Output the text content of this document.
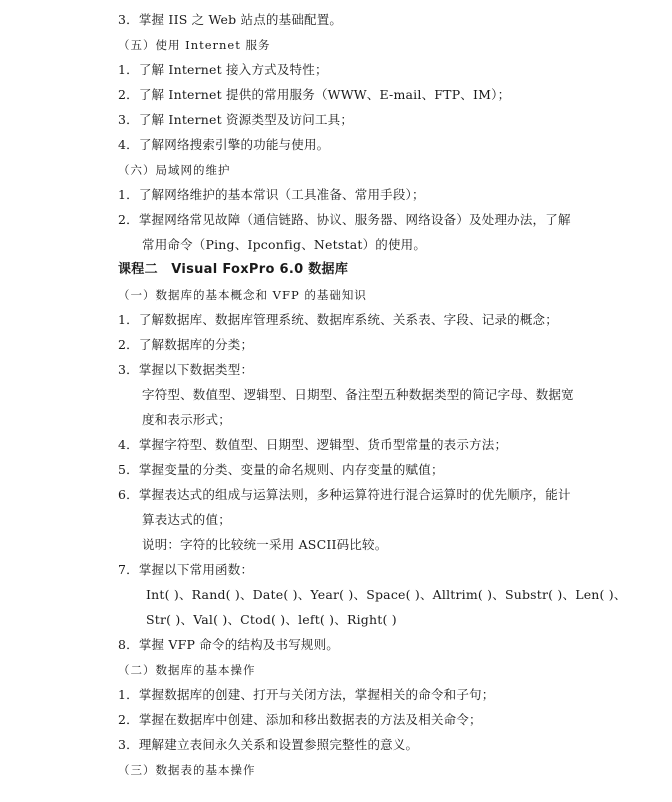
3．掌握 IIS 之 Web 站点的基础配置。
（五）使用 Internet 服务
1．了解 Internet 接入方式及特性；
2．了解 Internet 提供的常用服务（WWW、E-mail、FTP、IM）；
3．了解 Internet 资源类型及访问工具；
4．了解网络搜索引擎的功能与使用。
（六）局域网的维护
1．了解网络维护的基本常识（工具准备、常用手段）；
2．掌握网络常见故障（通信链路、协议、服务器、网络设备）及处理办法，了解
常用命令（Ping、Ipconfig、Netstat）的使用。
课程二　Visual FoxPro 6.0 数据库
（一）数据库的基本概念和 VFP 的基础知识
1．了解数据库、数据库管理系统、数据库系统、关系表、字段、记录的概念；
2．了解数据库的分类；
3．掌握以下数据类型：
字符型、数值型、逻辑型、日期型、备注型五种数据类型的简记字母、数据宽
度和表示形式；
4．掌握字符型、数值型、日期型、逻辑型、货币型常量的表示方法；
5．掌握变量的分类、变量的命名规则、内存变量的赋值；
6．掌握表达式的组成与运算法则，多种运算符进行混合运算时的优先顺序，能计
算表达式的值；
说明：字符的比较统一采用 ASCII码比较。
7．掌握以下常用函数：
Int( )、Rand( )、Date( )、Year( )、Space( )、Alltrim( )、Substr( )、Len( )、
Str( )、Val( )、Ctod( )、left( )、Right( )
8．掌握 VFP 命令的结构及书写规则。
（二）数据库的基本操作
1．掌握数据库的创建、打开与关闭方法，掌握相关的命令和子句；
2．掌握在数据库中创建、添加和移出数据表的方法及相关命令；
3．理解建立表间永久关系和设置参照完整性的意义。
（三）数据表的基本操作
